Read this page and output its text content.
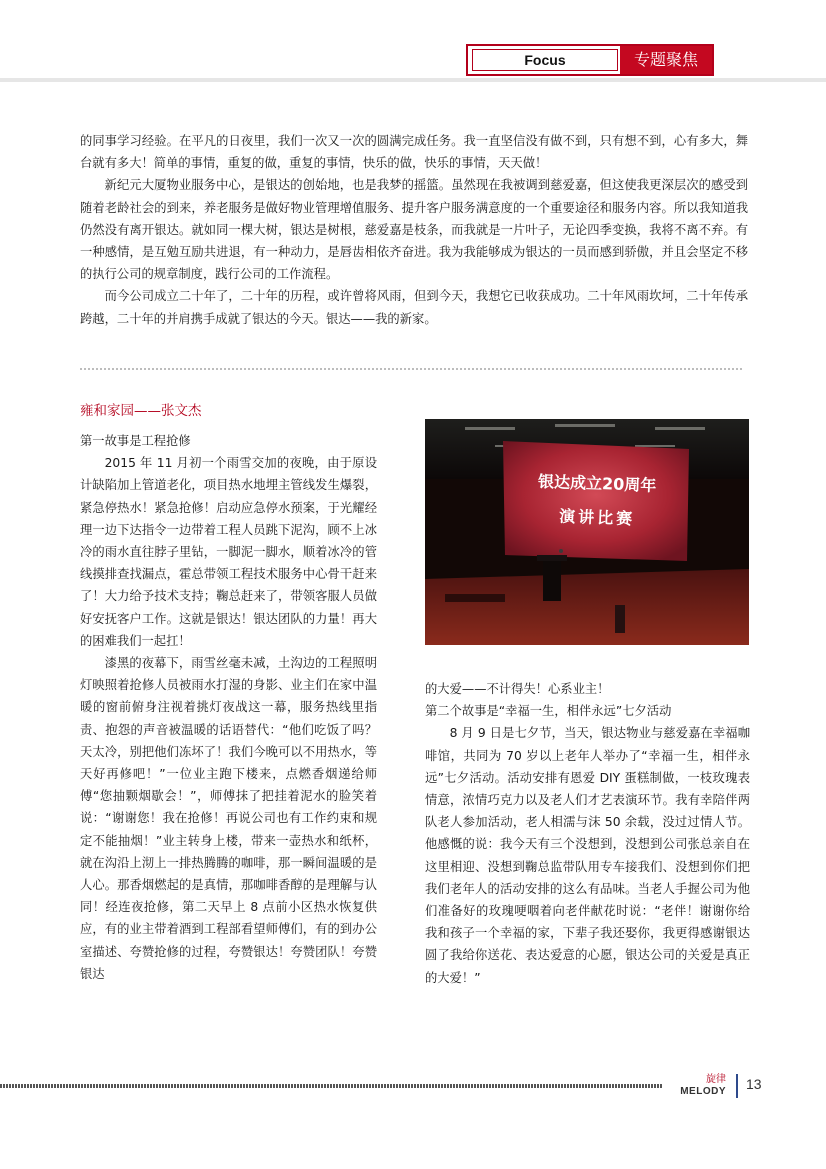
Focus	专题聚焦
的同事学习经验。在平凡的日夜里，我们一次又一次的圆满完成任务。我一直坚信没有做不到，只有想不到，心有多大，舞台就有多大！简单的事情，重复的做，重复的事情，快乐的做，快乐的事情，天天做！
新纪元大厦物业服务中心，是银达的创始地，也是我梦的摇篮。虽然现在我被调到慈爱嘉，但这使我更深层次的感受到随着老龄社会的到来，养老服务是做好物业管理增值服务、提升客户服务满意度的一个重要途径和服务内容。所以我知道我仍然没有离开银达。就如同一棵大树，银达是树根，慈爱嘉是枝条，而我就是一片叶子，无论四季变换，我将不离不弃。有一种感情，是互勉互励共进退，有一种动力，是唇齿相依齐奋进。我为我能够成为银达的一员而感到骄傲，并且会坚定不移的执行公司的规章制度，践行公司的工作流程。
而今公司成立二十年了，二十年的历程，或许曾将风雨，但到今天，我想它已收获成功。二十年风雨坎坷，二十年传承跨越，二十年的并肩携手成就了银达的今天。银达——我的新家。
雍和家园——张文杰
第一故事是工程抢修
2015 年 11 月初一个雨雪交加的夜晚，由于原设计缺陷加上管道老化，项目热水地埋主管线发生爆裂，紧急停热水！紧急抢修！启动应急停水预案，于光耀经理一边下达指令一边带着工程人员跳下泥沟，顾不上冰冷的雨水直往脖子里钻，一脚泥一脚水，顺着冰冷的管线摸排查找漏点，霍总带领工程技术服务中心骨干赶来了！大力给予技术支持；鞠总赶来了，带领客服人员做好安抚客户工作。这就是银达！银达团队的力量！再大的困难我们一起扛！
漆黑的夜幕下，雨雪丝毫未减，土沟边的工程照明灯映照着抢修人员被雨水打湿的身影、业主们在家中温暖的窗前俯身注视着挑灯夜战这一幕，服务热线里指责、抱怨的声音被温暖的话语替代：“他们吃饭了吗？天太冷，别把他们冻坏了！我们今晚可以不用热水，等天好再修吧！”一位业主跑下楼来，点燃香烟递给师傅“您抽颗烟歇会！”，师傅抹了把挂着泥水的脸笑着说：“谢谢您！我在抢修！再说公司也有工作约束和规定不能抽烟！”业主转身上楼，带来一壶热水和纸杯，就在沟沿上沏上一排热腾腾的咖啡，那一瞬间温暖的是人心。那香烟燃起的是真情，那咖啡香醇的是理解与认同！经连夜抢修，第二天早上 8 点前小区热水恢复供应，有的业主带着酒到工程部看望师傅们，有的到办公室描述、夸赞抢修的过程，夸赞银达！夸赞团队！夸赞银达
银达成立20周年
演讲比赛
的大爱——不计得失！心系业主！
第二个故事是“幸福一生，相伴永远”七夕活动
8 月 9 日是七夕节，当天，银达物业与慈爱嘉在幸福咖啡馆，共同为 70 岁以上老年人举办了“幸福一生，相伴永远”七夕活动。活动安排有恩爱 DIY 蛋糕制做，一枝玫瑰表情意，浓情巧克力以及老人们才艺表演环节。我有幸陪伴两队老人参加活动，老人相濡与沫 50 余载，没过过情人节。他感慨的说：我今天有三个没想到，没想到公司张总亲自在这里相迎、没想到鞠总监带队用专车接我们、没想到你们把我们老年人的活动安排的这么有品味。当老人手握公司为他们准备好的玫瑰哽咽着向老伴献花时说：“老伴！谢谢你给我和孩子一个幸福的家，下辈子我还娶你，我更得感谢银达圆了我给你送花、表达爱意的心愿，银达公司的关爱是真正的大爱！”
旋律
MELODY 13
